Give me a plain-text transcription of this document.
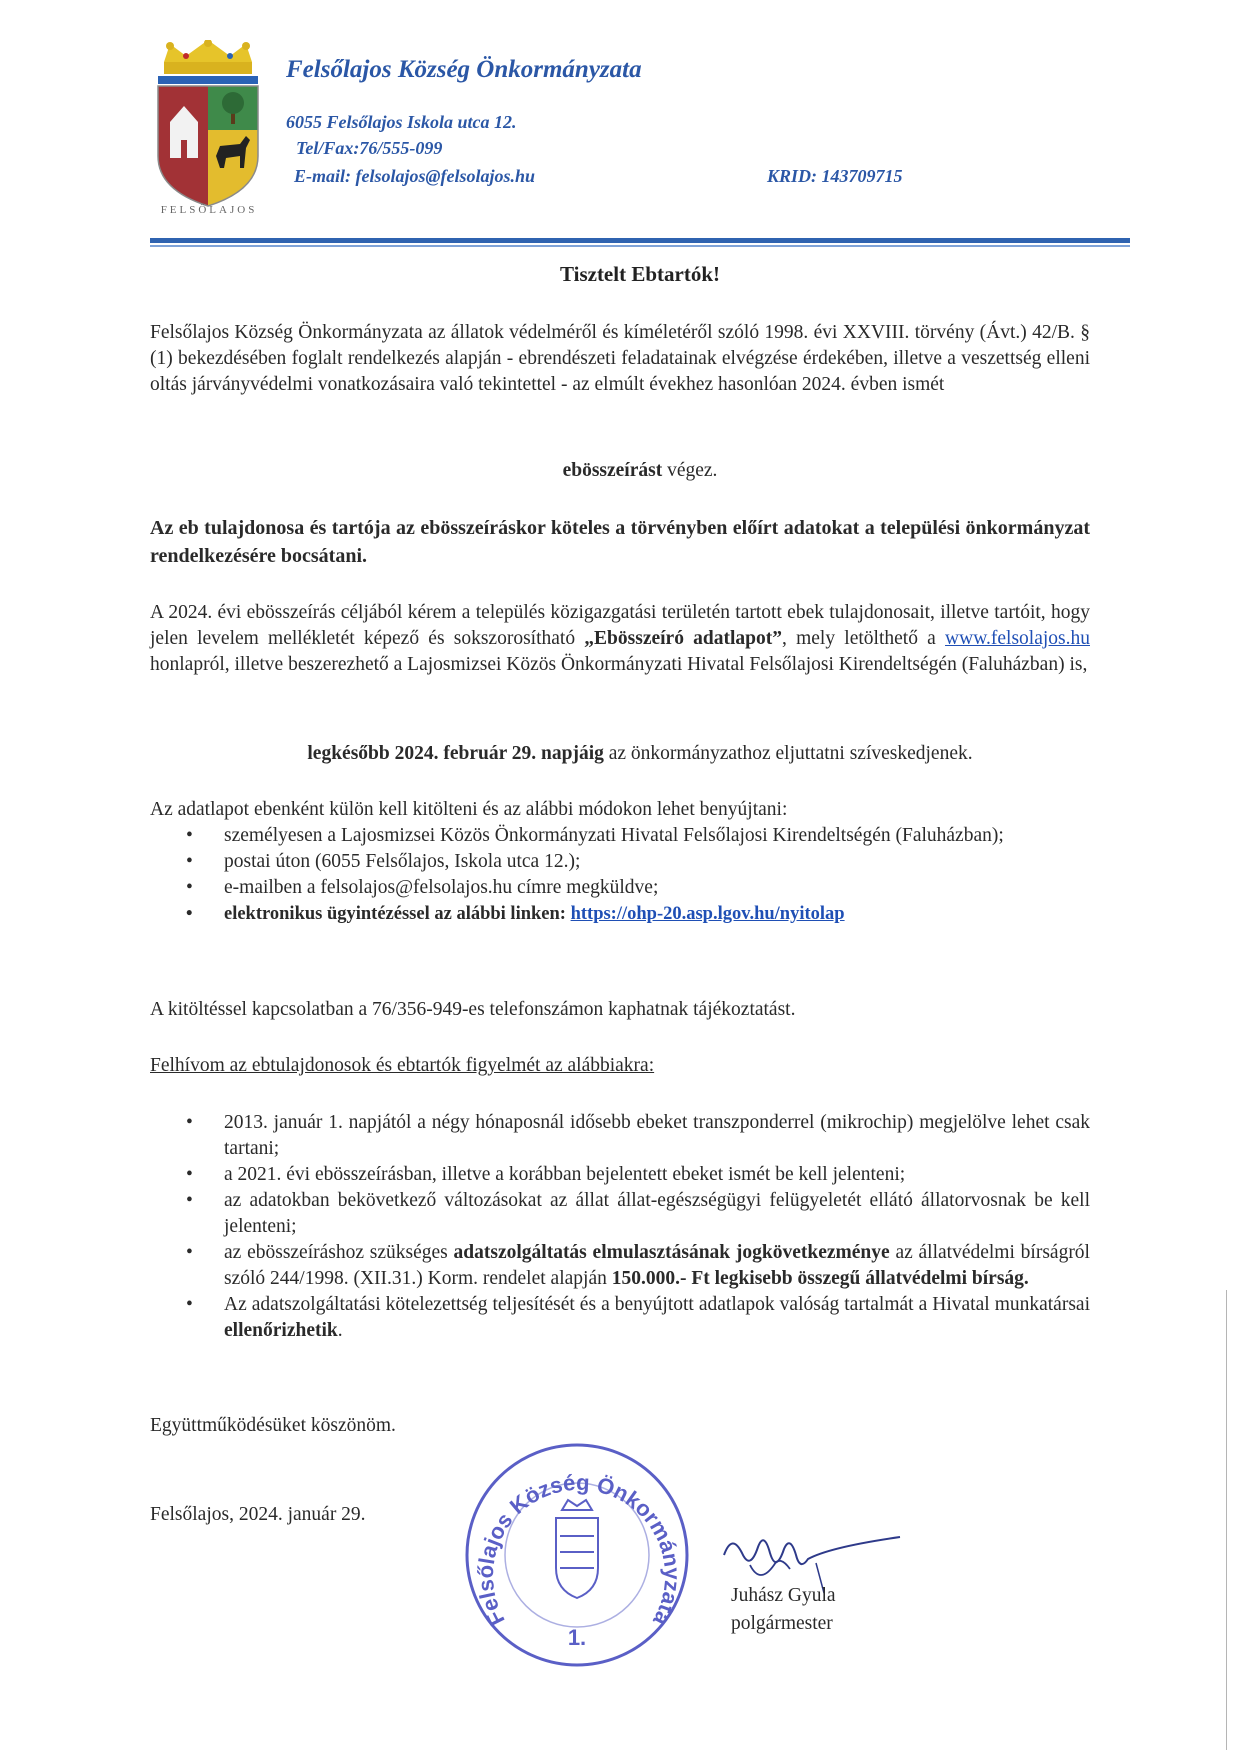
FELSŐLAJOS
Felsőlajos Község Önkormányzata
6055 Felsőlajos Iskola utca 12.
Tel/Fax:76/555-099
E-mail: felsolajos@felsolajos.hu	KRID: 143709715
Tisztelt Ebtartók!
Felsőlajos Község Önkormányzata az állatok védelméről és kíméletéről szóló 1998. évi XXVIII. törvény (Ávt.) 42/B. § (1) bekezdésében foglalt rendelkezés alapján - ebrendészeti feladatainak elvégzése érdekében, illetve a veszettség elleni oltás járványvédelmi vonatkozásaira való tekintettel - az elmúlt évekhez hasonlóan 2024. évben ismét
ebösszeírást végez.
Az eb tulajdonosa és tartója az ebösszeíráskor köteles a törvényben előírt adatokat a települési önkormányzat rendelkezésére bocsátani.
A 2024. évi ebösszeírás céljából kérem a település közigazgatási területén tartott ebek tulajdonosait, illetve tartóit, hogy jelen levelem mellékletét képező és sokszorosítható „Ebösszeíró adatlapot”, mely letölthető a www.felsolajos.hu honlapról, illetve beszerezhető a Lajosmizsei Közös Önkormányzati Hivatal Felsőlajosi Kirendeltségén (Faluházban) is,
legkésőbb 2024. február 29. napjáig az önkormányzathoz eljuttatni szíveskedjenek.
Az adatlapot ebenként külön kell kitölteni és az alábbi módokon lehet benyújtani:
• személyesen a Lajosmizsei Közös Önkormányzati Hivatal Felsőlajosi Kirendeltségén (Faluházban);
• postai úton (6055 Felsőlajos, Iskola utca 12.);
• e-mailben a felsolajos@felsolajos.hu címre megküldve;
• elektronikus ügyintézéssel az alábbi linken: https://ohp-20.asp.lgov.hu/nyitolap
A kitöltéssel kapcsolatban a 76/356-949-es telefonszámon kaphatnak tájékoztatást.
Felhívom az ebtulajdonosok és ebtartók figyelmét az alábbiakra:
• 2013. január 1. napjától a négy hónaposnál idősebb ebeket transzponderrel (mikrochip) megjelölve lehet csak tartani;
• a 2021. évi ebösszeírásban, illetve a korábban bejelentett ebeket ismét be kell jelenteni;
• az adatokban bekövetkező változásokat az állat állat-egészségügyi felügyeletét ellátó állatorvosnak be kell jelenteni;
• az ebösszeíráshoz szükséges adatszolgáltatás elmulasztásának jogkövetkezménye az állatvédelmi bírságról szóló 244/1998. (XII.31.) Korm. rendelet alapján 150.000.- Ft legkisebb összegű állatvédelmi bírság.
• Az adatszolgáltatási kötelezettség teljesítését és a benyújtott adatlapok valóság tartalmát a Hivatal munkatársai ellenőrizhetik.
Együttműködésüket köszönöm.
Felsőlajos, 2024. január 29.
Felsőlajos Község Önkormányzata
1.
Juhász Gyula
polgármester
